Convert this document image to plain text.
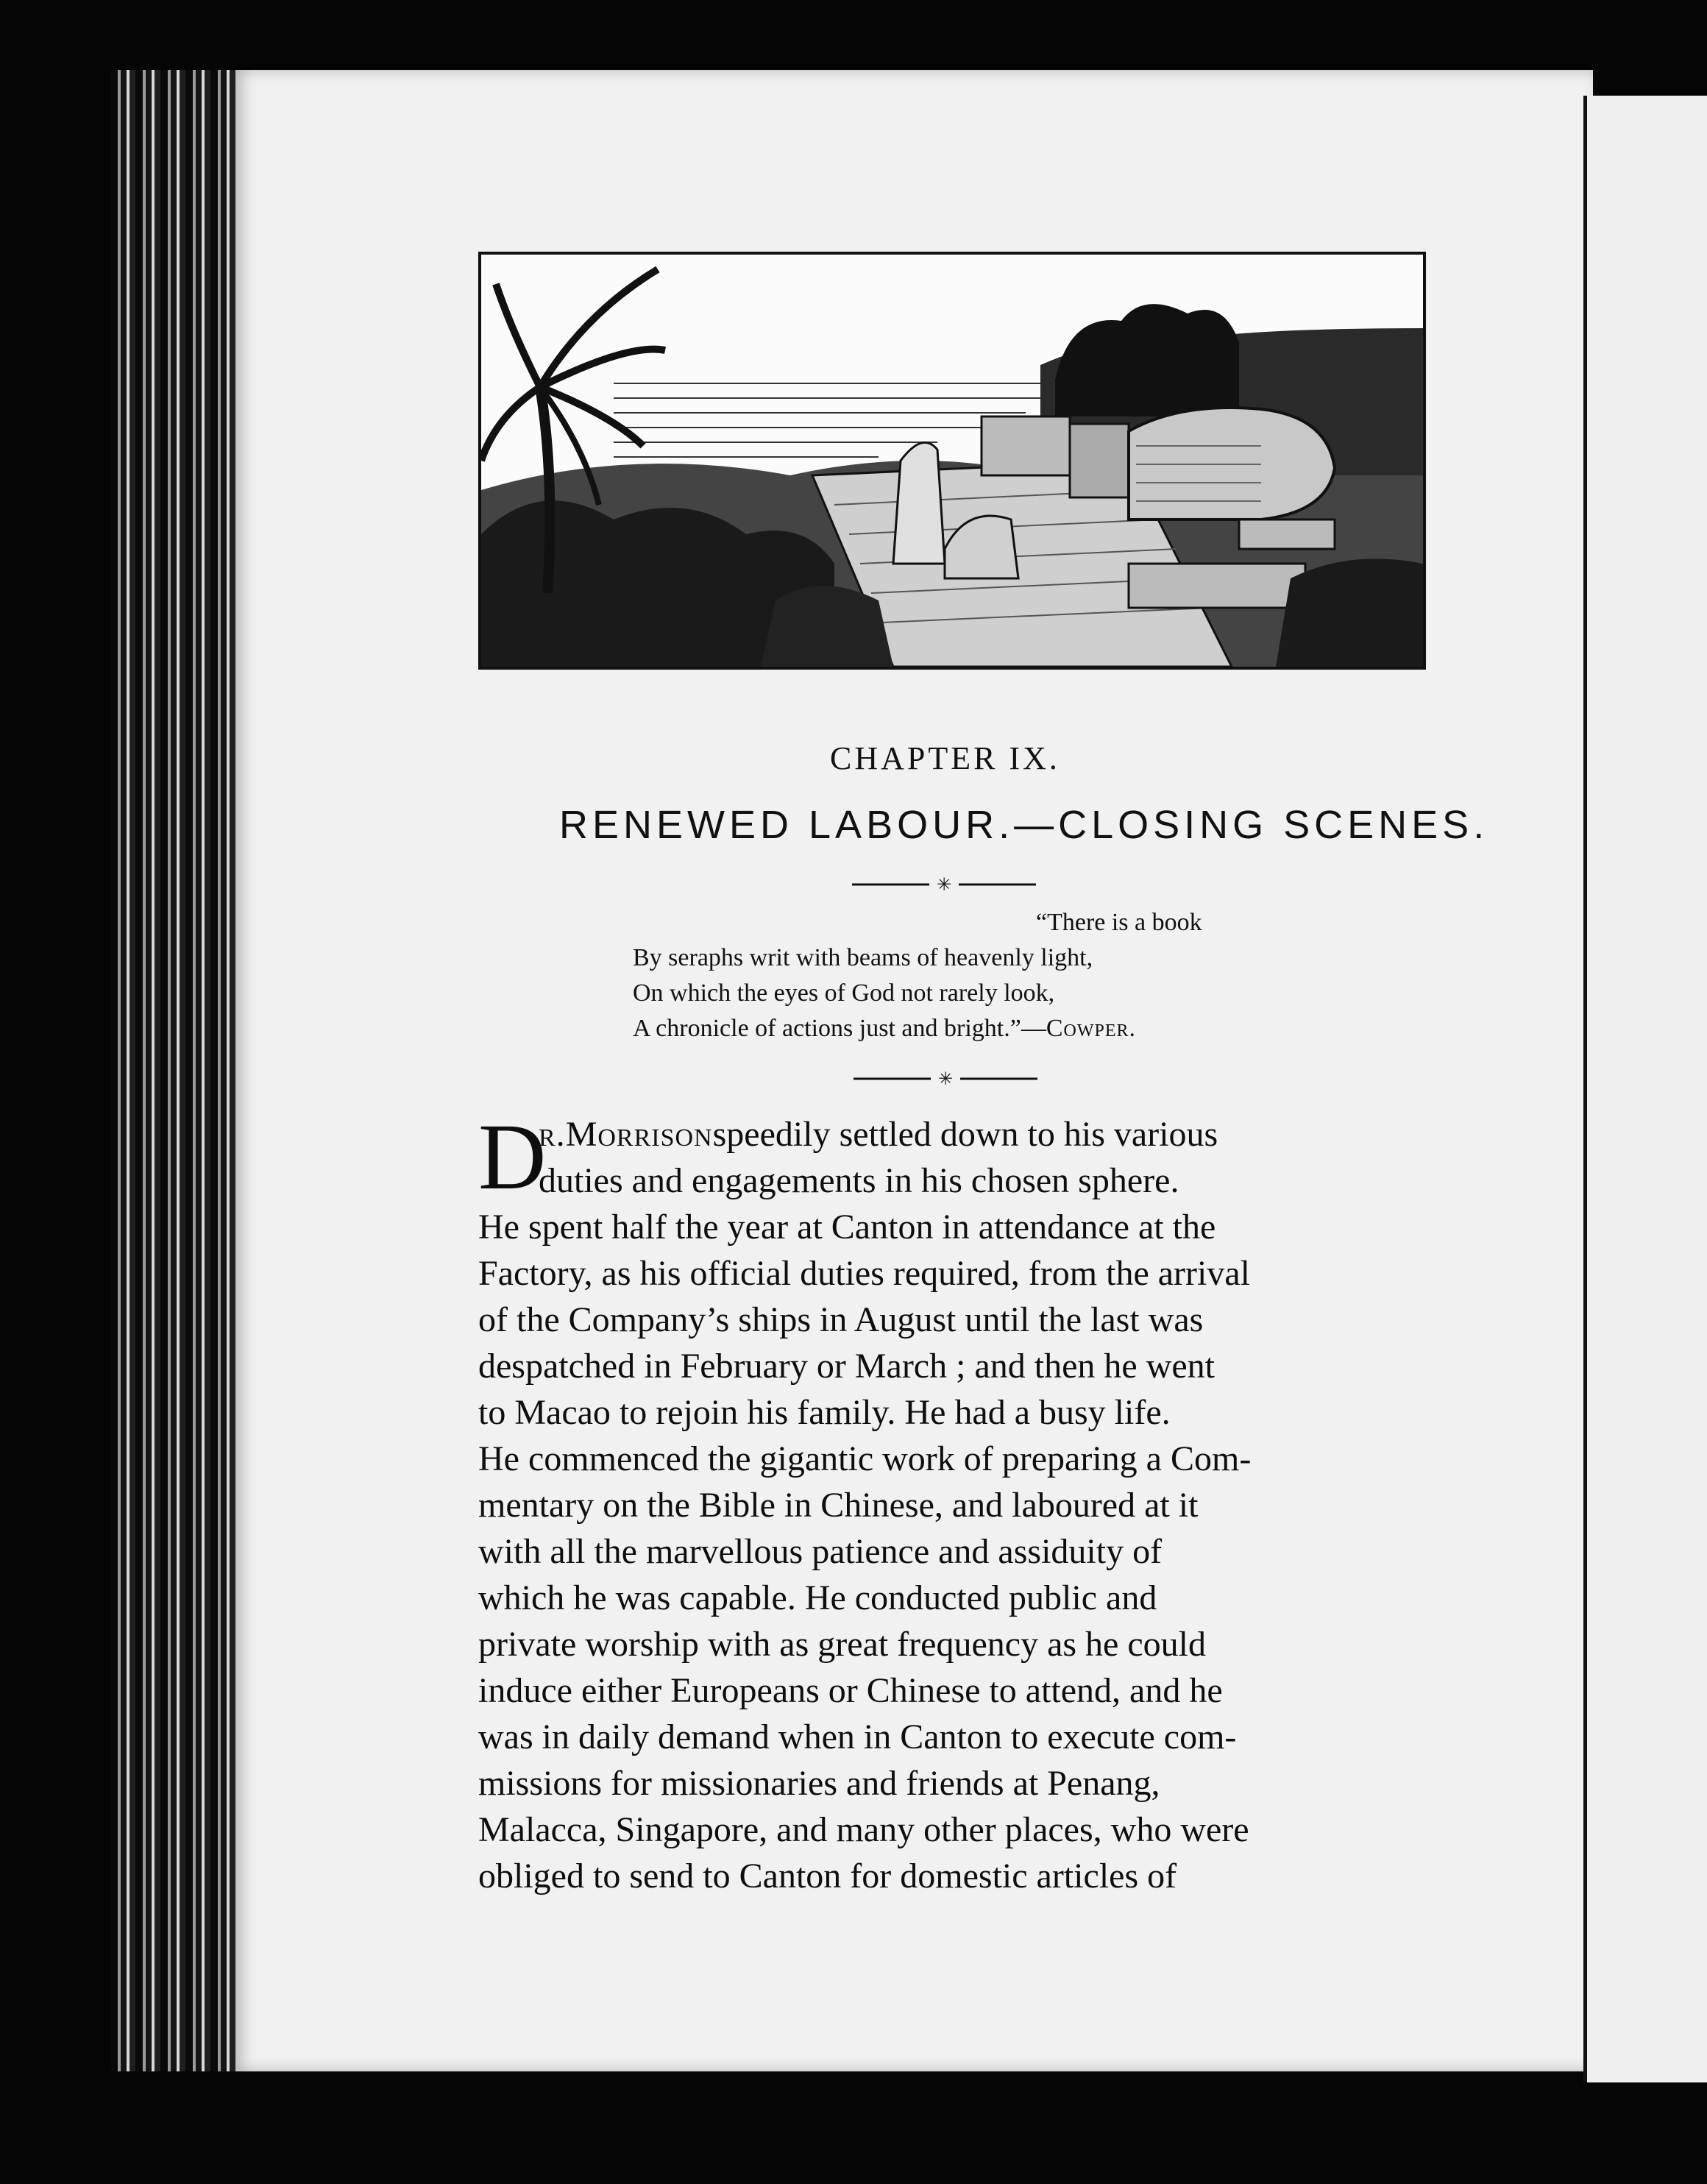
CHAPTER IX.
RENEWED LABOUR.—CLOSING SCENES.
✳
“There is a book
By seraphs writ with beams of heavenly light,
On which the eyes of God not rarely look,
A chronicle of actions just and bright.”—Cowper.
✳
D
r. Morrison speedily settled down to his various
duties and engagements in his chosen sphere.
He spent half the year at Canton in attendance at the
Factory, as his official duties required, from the arrival
of the Company’s ships in August until the last was
despatched in February or March ; and then he went
to Macao to rejoin his family. He had a busy life.
He commenced the gigantic work of preparing a Com-
mentary on the Bible in Chinese, and laboured at it
with all the marvellous patience and assiduity of
which he was capable. He conducted public and
private worship with as great frequency as he could
induce either Europeans or Chinese to attend, and he
was in daily demand when in Canton to execute com-
missions for missionaries and friends at Penang,
Malacca, Singapore, and many other places, who were
obliged to send to Canton for domestic articles of
